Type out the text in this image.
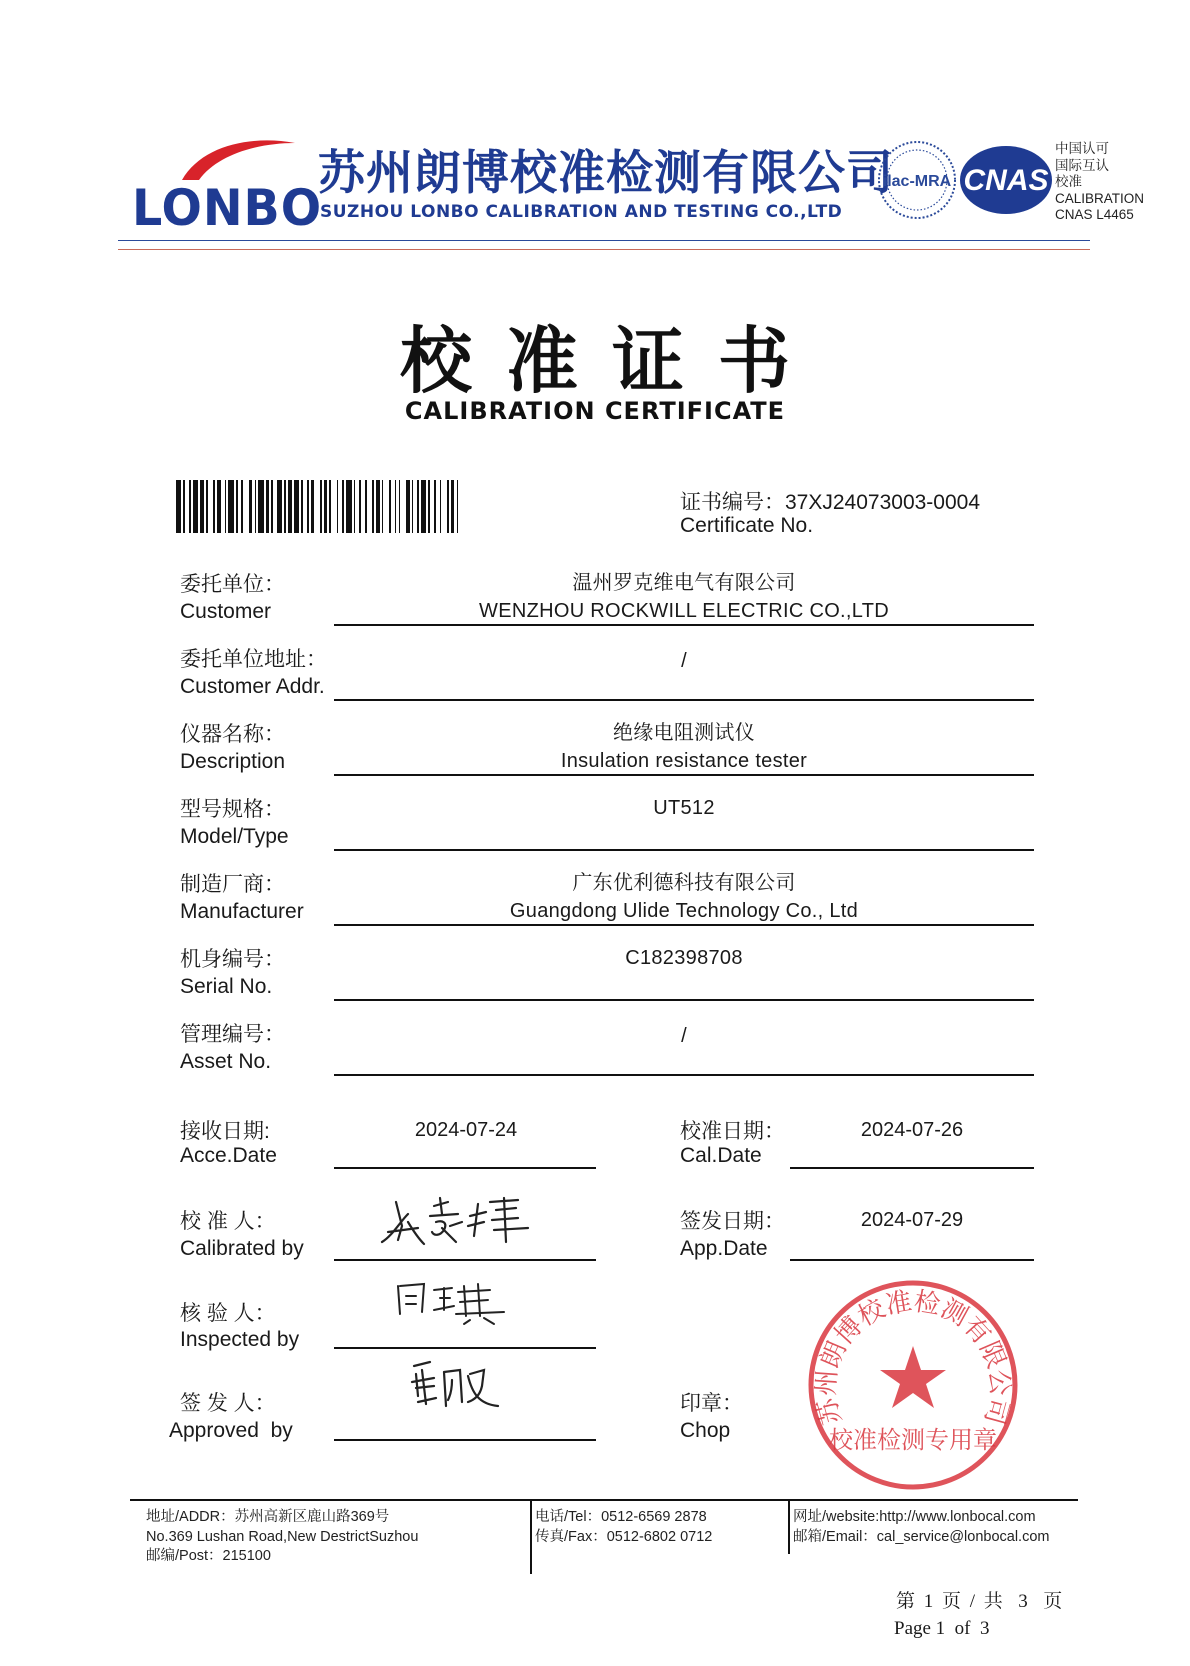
LONBO
苏州朗博校准检测有限公司
SUZHOU LONBO CALIBRATION AND TESTING CO.,LTD
ilac-MRA CNAS
中国认可
国际互认
校准
CALIBRATION
CNAS L4465
校准证书
CALIBRATION CERTIFICATE
证书编号：37XJ24073003-0004
Certificate No.
委托单位：
Customer
温州罗克维电气有限公司
WENZHOU ROCKWILL ELECTRIC CO.,LTD
委托单位地址：
Customer Addr.
/
仪器名称：
Description
绝缘电阻测试仪
Insulation resistance tester
型号规格：
Model/Type
UT512
制造厂商：
Manufacturer
广东优利德科技有限公司
Guangdong Ulide Technology Co., Ltd
机身编号：
Serial No.
C182398708
管理编号：
Asset No.
/
接收日期:
Acce.Date
2024-07-24	校准日期：
Cal.Date
2024-07-26
校 准 人：
Calibrated by
签发日期：
App.Date
2024-07-29
核 验 人：
Inspected by
签 发 人：
Approved  by
印章：
Chop
苏州朗博校准检测有限公司
校准检测专用章
地址/ADDR：苏州高新区鹿山路369号
No.369 Lushan Road,New DestrictSuzhou
邮编/Post：215100
电话/Tel：0512-6569 2878
传真/Fax：0512-6802 0712
网址/website:http://www.lonbocal.com
邮箱/Email：cal_service@lonbocal.com
第 1 页 / 共  3  页
Page 1  of  3
